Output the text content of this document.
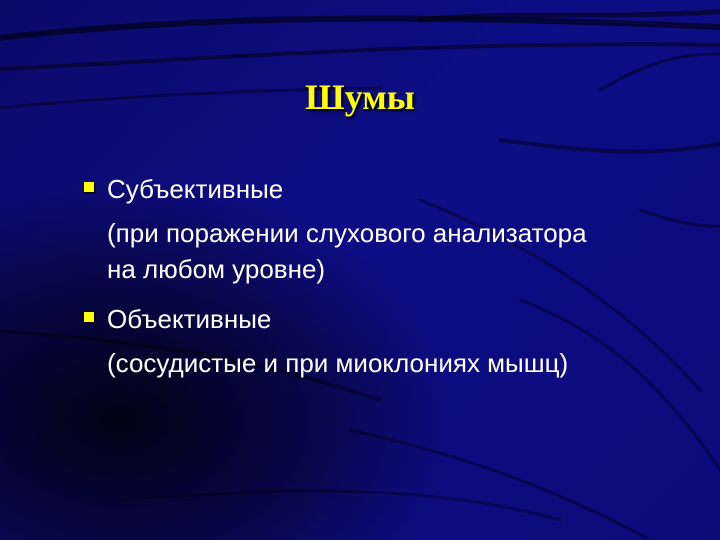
Шумы
Субъективные
(при поражении слухового анализатора
на любом уровне)
Объективные
(сосудистые и при миоклониях мышц)
